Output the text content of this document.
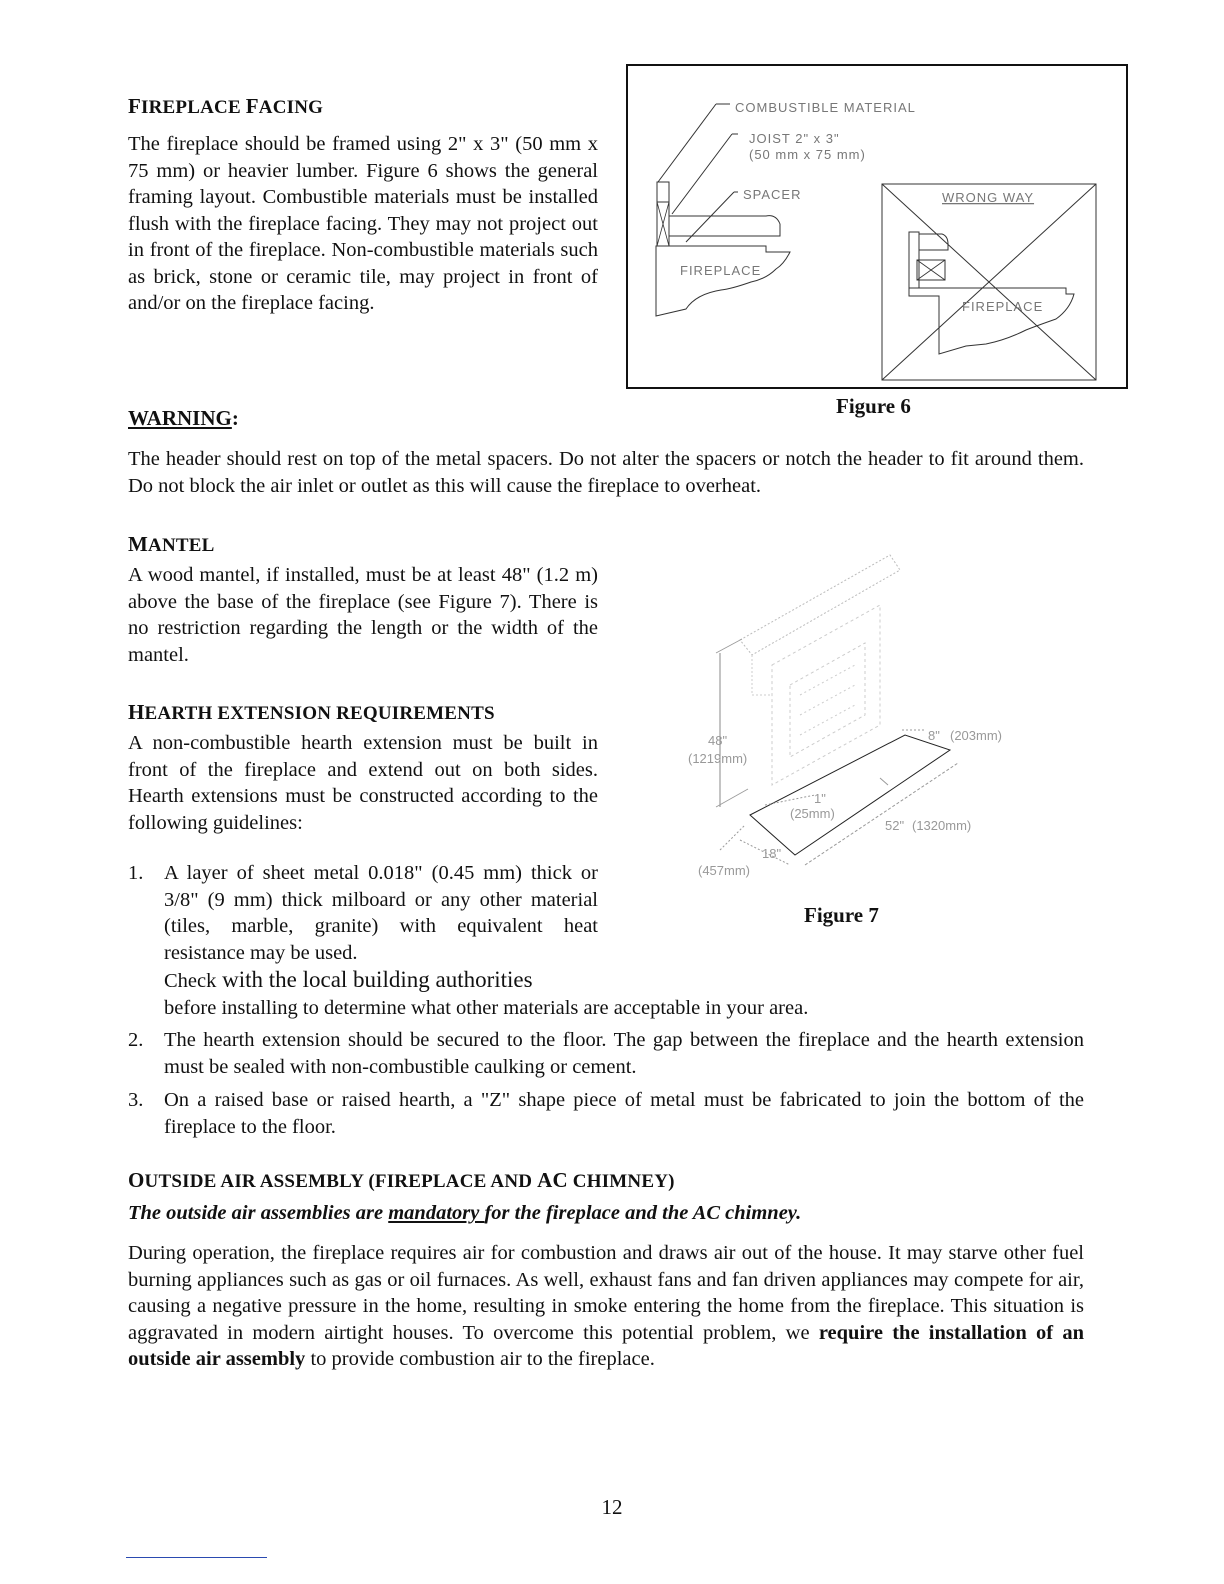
FIREPLACE FACING
The fireplace should be framed using 2" x 3" (50 mm x 75 mm) or heavier lumber. Figure 6 shows the general framing layout. Combustible materials must be installed flush with the fireplace facing. They may not project out in front of the fireplace. Non-combustible materials such as brick, stone or ceramic tile, may project in front of and/or on the fireplace facing.
COMBUSTIBLE MATERIAL
JOIST 2" x 3"
(50 mm x 75 mm)
SPACER
FIREPLACE
WRONG WAY
FIREPLACE
Figure 6
WARNING:
The header should rest on top of the metal spacers. Do not alter the spacers or notch the header to fit around them. Do not block the air inlet or outlet as this will cause the fireplace to overheat.
MANTEL
A wood mantel, if installed, must be at least 48" (1.2 m) above the base of the fireplace (see Figure 7). There is no restriction regarding the length or the width of the mantel.
48"
(1219mm)
8" (203mm)
1"
(25mm)
52" (1320mm)
18"
(457mm)
Figure 7
HEARTH EXTENSION REQUIREMENTS
A non-combustible hearth extension must be built in front of the fireplace and extend out on both sides. Hearth extensions must be constructed according to the following guidelines:
1. A layer of sheet metal 0.018" (0.45 mm) thick or 3/8" (9 mm) thick milboard or any other material (tiles, marble, granite) with equivalent heat resistance may be used.
Check with the local building authorities
before installing to determine what other materials are acceptable in your area.
2. The hearth extension should be secured to the floor. The gap between the fireplace and the hearth extension must be sealed with non-combustible caulking or cement.
3. On a raised base or raised hearth, a "Z" shape piece of metal must be fabricated to join the bottom of the fireplace to the floor.
OUTSIDE AIR ASSEMBLY (FIREPLACE AND AC CHIMNEY)
The outside air assemblies are mandatory for the fireplace and the AC chimney.
During operation, the fireplace requires air for combustion and draws air out of the house. It may starve other fuel burning appliances such as gas or oil furnaces. As well, exhaust fans and fan driven appliances may compete for air, causing a negative pressure in the home, resulting in smoke entering the home from the fireplace. This situation is aggravated in modern airtight houses. To overcome this potential problem, we require the installation of an outside air assembly to provide combustion air to the fireplace.
12
